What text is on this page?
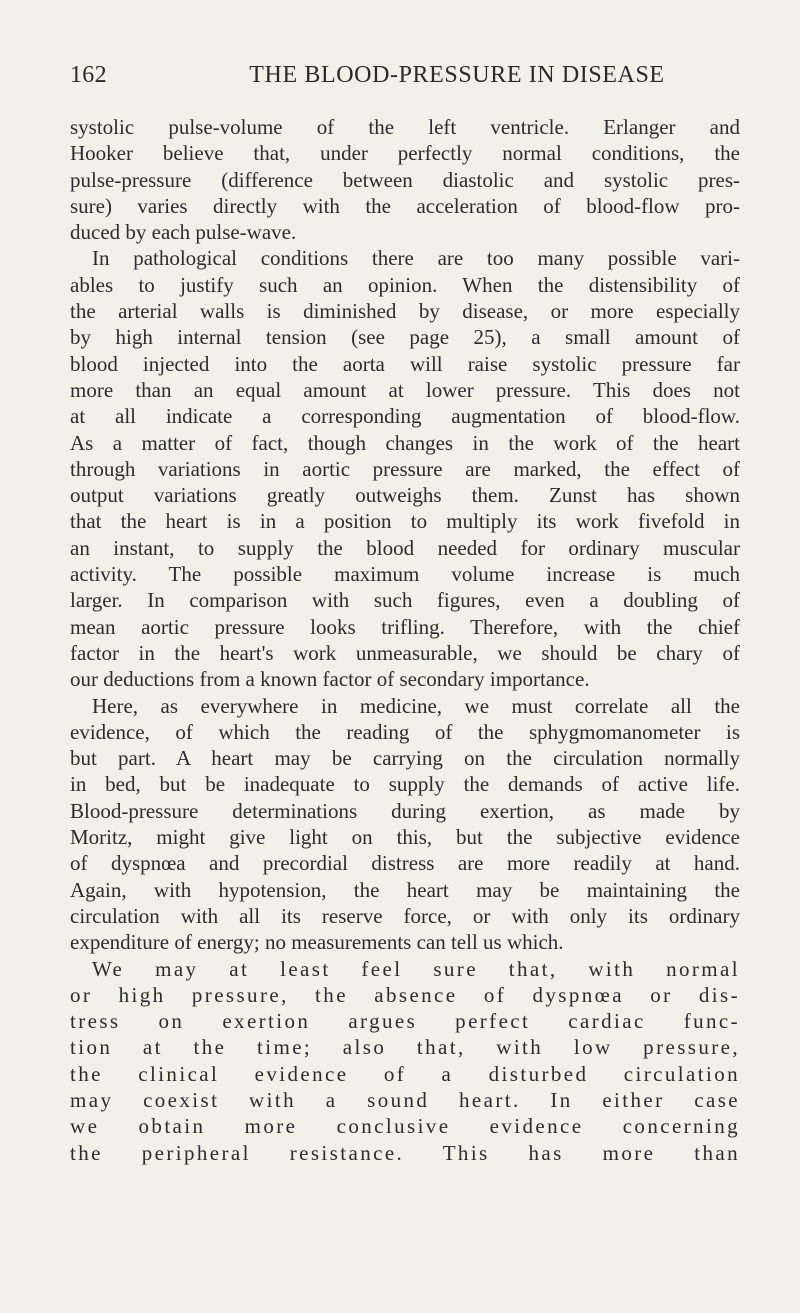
162	THE BLOOD-PRESSURE IN DISEASE
systolic pulse-volume of the left ventricle. Erlanger and
Hooker believe that, under perfectly normal conditions, the
pulse-pressure (difference between diastolic and systolic pres-
sure) varies directly with the acceleration of blood-flow pro-
duced by each pulse-wave.
In pathological conditions there are too many possible vari-
ables to justify such an opinion. When the distensibility of
the arterial walls is diminished by disease, or more especially
by high internal tension (see page 25), a small amount of
blood injected into the aorta will raise systolic pressure far
more than an equal amount at lower pressure. This does not
at all indicate a corresponding augmentation of blood-flow.
As a matter of fact, though changes in the work of the heart
through variations in aortic pressure are marked, the effect of
output variations greatly outweighs them. Zunst has shown
that the heart is in a position to multiply its work fivefold in
an instant, to supply the blood needed for ordinary muscular
activity. The possible maximum volume increase is much
larger. In comparison with such figures, even a doubling of
mean aortic pressure looks trifling. Therefore, with the chief
factor in the heart's work unmeasurable, we should be chary of
our deductions from a known factor of secondary importance.
Here, as everywhere in medicine, we must correlate all the
evidence, of which the reading of the sphygmomanometer is
but part. A heart may be carrying on the circulation normally
in bed, but be inadequate to supply the demands of active life.
Blood-pressure determinations during exertion, as made by
Moritz, might give light on this, but the subjective evidence
of dyspnœa and precordial distress are more readily at hand.
Again, with hypotension, the heart may be maintaining the
circulation with all its reserve force, or with only its ordinary
expenditure of energy; no measurements can tell us which.
We may at least feel sure that, with normal
or high pressure, the absence of dyspnœa or dis-
tress on exertion argues perfect cardiac func-
tion at the time; also that, with low pressure,
the clinical evidence of a disturbed circulation
may coexist with a sound heart. In either case
we obtain more conclusive evidence concerning
the peripheral resistance. This has more than
